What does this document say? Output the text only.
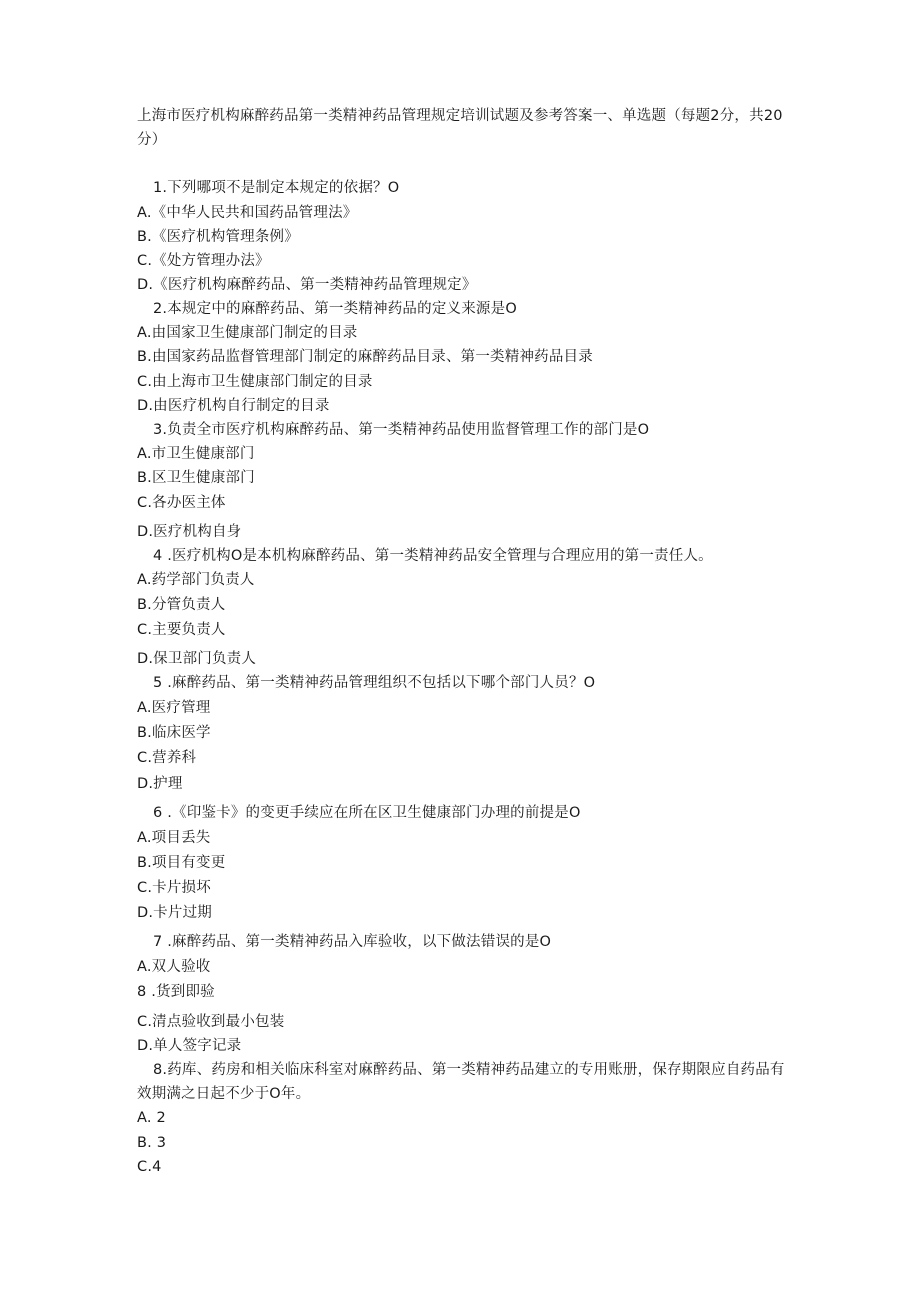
上海市医疗机构麻醉药品第一类精神药品管理规定培训试题及参考答案一、单选题（每题2分，共20分）
1.下列哪项不是制定本规定的依据？O
A.《中华人民共和国药品管理法》
B.《医疗机构管理条例》
C.《处方管理办法》
D.《医疗机构麻醉药品、第一类精神药品管理规定》
2.本规定中的麻醉药品、第一类精神药品的定义来源是O
A.由国家卫生健康部门制定的目录
B.由国家药品监督管理部门制定的麻醉药品目录、第一类精神药品目录
C.由上海市卫生健康部门制定的目录
D.由医疗机构自行制定的目录
3.负责全市医疗机构麻醉药品、第一类精神药品使用监督管理工作的部门是O
A.市卫生健康部门
B.区卫生健康部门
C.各办医主体
D.医疗机构自身
4 .医疗机构O是本机构麻醉药品、第一类精神药品安全管理与合理应用的第一责任人。
A.药学部门负责人
B.分管负责人
C.主要负责人
D.保卫部门负责人
5 .麻醉药品、第一类精神药品管理组织不包括以下哪个部门人员？O
A.医疗管理
B.临床医学
C.营养科
D.护理
6 .《印鉴卡》的变更手续应在所在区卫生健康部门办理的前提是O
A.项目丢失
B.项目有变更
C.卡片损坏
D.卡片过期
7 .麻醉药品、第一类精神药品入库验收，以下做法错误的是O
A.双人验收
8 .货到即验
C.清点验收到最小包装
D.单人签字记录
8.药库、药房和相关临床科室对麻醉药品、第一类精神药品建立的专用账册，保存期限应自药品有效期满之日起不少于O年。
A. 2
B. 3
C.4
